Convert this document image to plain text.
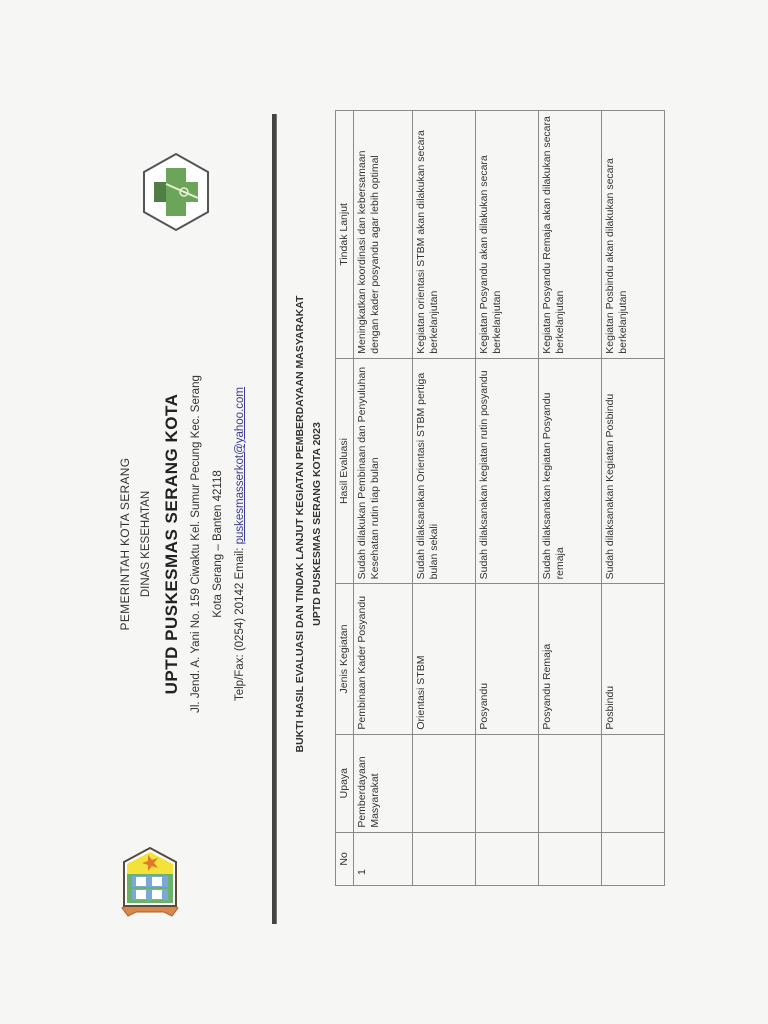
PEMERINTAH KOTA SERANG DINAS KESEHATAN UPTD PUSKESMAS SERANG KOTA Jl. Jend. A. Yani No. 159 Ciwaktu Kel. Sumur Pecung Kec. Serang Kota Serang – Banten 42118
Telp/Fax: (0254) 20142 Email: puskesmasserkot@yahoo.com	BUKTI HASIL EVALUASI DAN TINDAK LANJUT KEGIATAN PEMBERDAYAAN MASYARAKAT UPTD PUSKESMAS SERANG KOTA 2023
No	Upaya	Jenis Kegiatan	Hasil Evaluasi	Tindak Lanjut
1	Pemberdayaan Masyarakat	Pembinaan Kader Posyandu	Sudah dilakukan Pembinaan dan Penyuluhan Kesehatan rutin tiap bulan	Meningkatkan koordinasi dan kebersamaan dengan kader posyandu agar lebih optimal
		Orientasi STBM	Sudah dilaksanakan Orientasi STBM pertiga bulan sekali	Kegiatan orientasi STBM akan dilakukan secara berkelanjutan
		Posyandu	Sudah dilaksanakan kegiatan rutin posyandu	Kegiatan Posyandu akan dilakukan secara berkelanjutan
		Posyandu Remaja	Sudah dilaksanakan kegiatan Posyandu remaja	Kegiatan Posyandu Remaja akan dilakukan secara berkelanjutan
		Posbindu	Sudah dilaksanakan Kegiatan Posbindu	Kegiatan Posbindu akan dilakukan secara berkelanjutan
